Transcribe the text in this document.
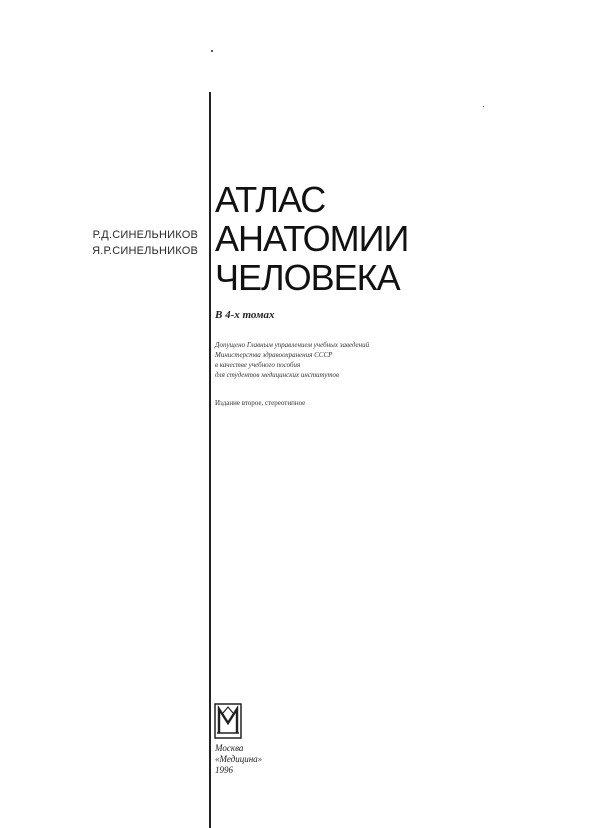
Р.Д.СИНЕЛЬНИКОВ
Я.Р.СИНЕЛЬНИКОВ
АТЛАС
АНАТОМИИ
ЧЕЛОВЕКА
В 4-х томах
Допущено Главным управлением учебных заведений
Министерства здравоохранения СССР
в качестве учебного пособия
для студентов медицинских институтов
Издание второе, стереотипное
Москва
«Медицина»
1996
